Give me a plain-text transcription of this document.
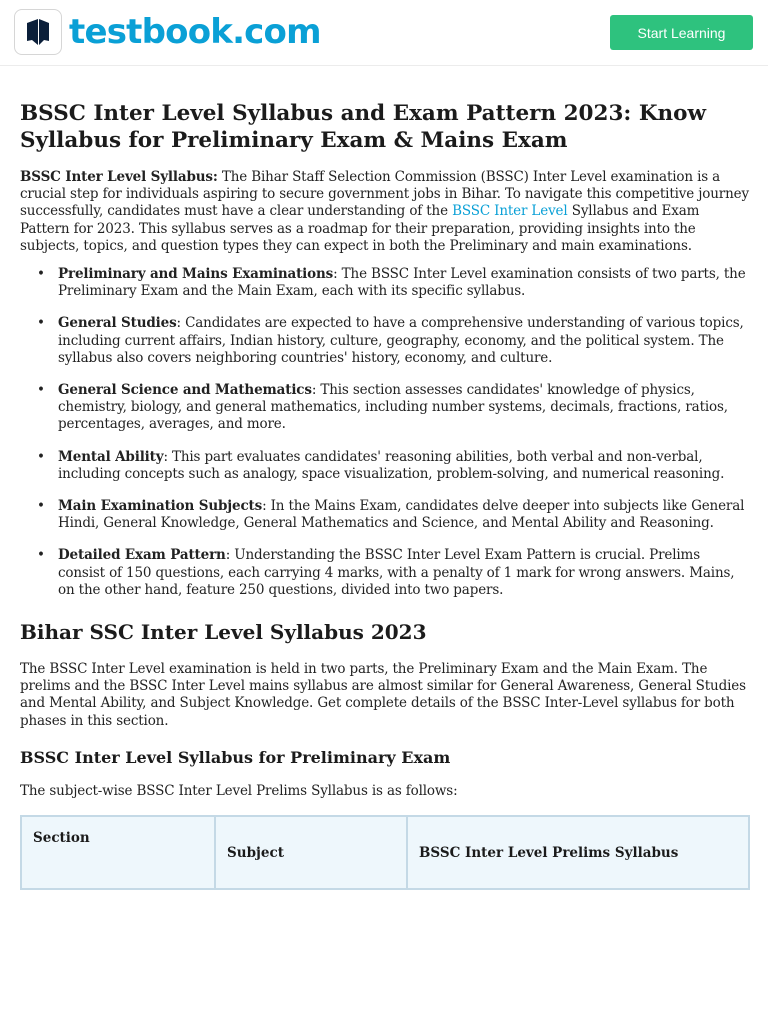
testbook.com	Start Learning
BSSC Inter Level Syllabus and Exam Pattern 2023: Know Syllabus for Preliminary Exam & Mains Exam

BSSC Inter Level Syllabus: The Bihar Staff Selection Commission (BSSC) Inter Level examination is a crucial step for individuals aspiring to secure government jobs in Bihar. To navigate this competitive journey successfully, candidates must have a clear understanding of the BSSC Inter Level Syllabus and Exam Pattern for 2023. This syllabus serves as a roadmap for their preparation, providing insights into the subjects, topics, and question types they can expect in both the Preliminary and main examinations.

• Preliminary and Mains Examinations: The BSSC Inter Level examination consists of two parts, the Preliminary Exam and the Main Exam, each with its specific syllabus.

• General Studies: Candidates are expected to have a comprehensive understanding of various topics, including current affairs, Indian history, culture, geography, economy, and the political system. The syllabus also covers neighboring countries' history, economy, and culture.

• General Science and Mathematics: This section assesses candidates' knowledge of physics, chemistry, biology, and general mathematics, including number systems, decimals, fractions, ratios, percentages, averages, and more.

• Mental Ability: This part evaluates candidates' reasoning abilities, both verbal and non-verbal, including concepts such as analogy, space visualization, problem-solving, and numerical reasoning.

• Main Examination Subjects: In the Mains Exam, candidates delve deeper into subjects like General Hindi, General Knowledge, General Mathematics and Science, and Mental Ability and Reasoning.

• Detailed Exam Pattern: Understanding the BSSC Inter Level Exam Pattern is crucial. Prelims consist of 150 questions, each carrying 4 marks, with a penalty of 1 mark for wrong answers. Mains, on the other hand, feature 250 questions, divided into two papers.

Bihar SSC Inter Level Syllabus 2023

The BSSC Inter Level examination is held in two parts, the Preliminary Exam and the Main Exam. The prelims and the BSSC Inter Level mains syllabus are almost similar for General Awareness, General Studies and Mental Ability, and Subject Knowledge. Get complete details of the BSSC Inter-Level syllabus for both phases in this section.

BSSC Inter Level Syllabus for Preliminary Exam

The subject-wise BSSC Inter Level Prelims Syllabus is as follows:

Section	Subject	BSSC Inter Level Prelims Syllabus
